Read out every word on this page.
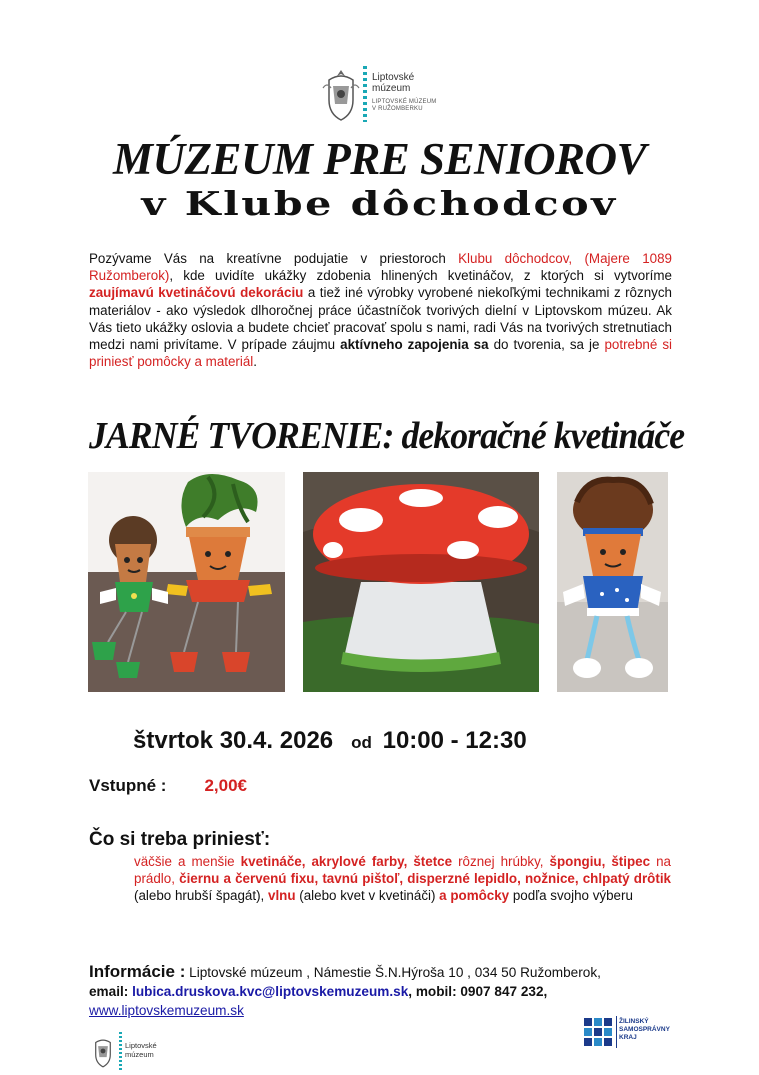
Liptovské
múzeum
LIPTOVSKÉ MÚZEUM
V RUŽOMBERKU
MÚZEUM PRE SENIOROV
v Klube dôchodcov
Pozývame Vás na kreatívne podujatie v priestoroch Klubu dôchodcov, (Majere 1089 Ružomberok), kde uvidíte ukážky zdobenia hlinených kvetináčov, z ktorých si vytvoríme zaujímavú kvetináčovú dekoráciu a tiež iné výrobky vyrobené niekoľkými technikami z rôznych materiálov - ako výsledok dlhoročnej práce účastníčok tvorivých dielní v Liptovskom múzeu. Ak Vás tieto ukážky oslovia a budete chcieť pracovať spolu s nami, radi Vás na tvorivých stretnutiach medzi nami privítame. V prípade záujmu aktívneho zapojenia sa do tvorenia, sa je potrebné si priniesť pomôcky a materiál.
JARNÉ TVORENIE: dekoračné kvetináče
štvrtok 30.4. 2026 od 10:00 - 12:30
Vstupné : 2,00€
Čo si treba priniesť:
väčšie a menšie kvetináče, akrylové farby, štetce rôznej hrúbky, špongiu, štipec na prádlo, čiernu a červenú fixu, tavnú pištoľ, disperzné lepidlo, nožnice, chlpatý drôtik (alebo hrubší špagát), vlnu (alebo kvet v kvetináči) a pomôcky podľa svojho výberu
Informácie : Liptovské múzeum , Námestie Š.N.Hýroša 10 , 034 50 Ružomberok,
email: lubica.druskova.kvc@liptovskemuzeum.sk, mobil: 0907 847 232,
www.liptovskemuzeum.sk
Liptovské
múzeum
ŽILINSKÝ
SAMOSPRÁVNY
KRAJ
